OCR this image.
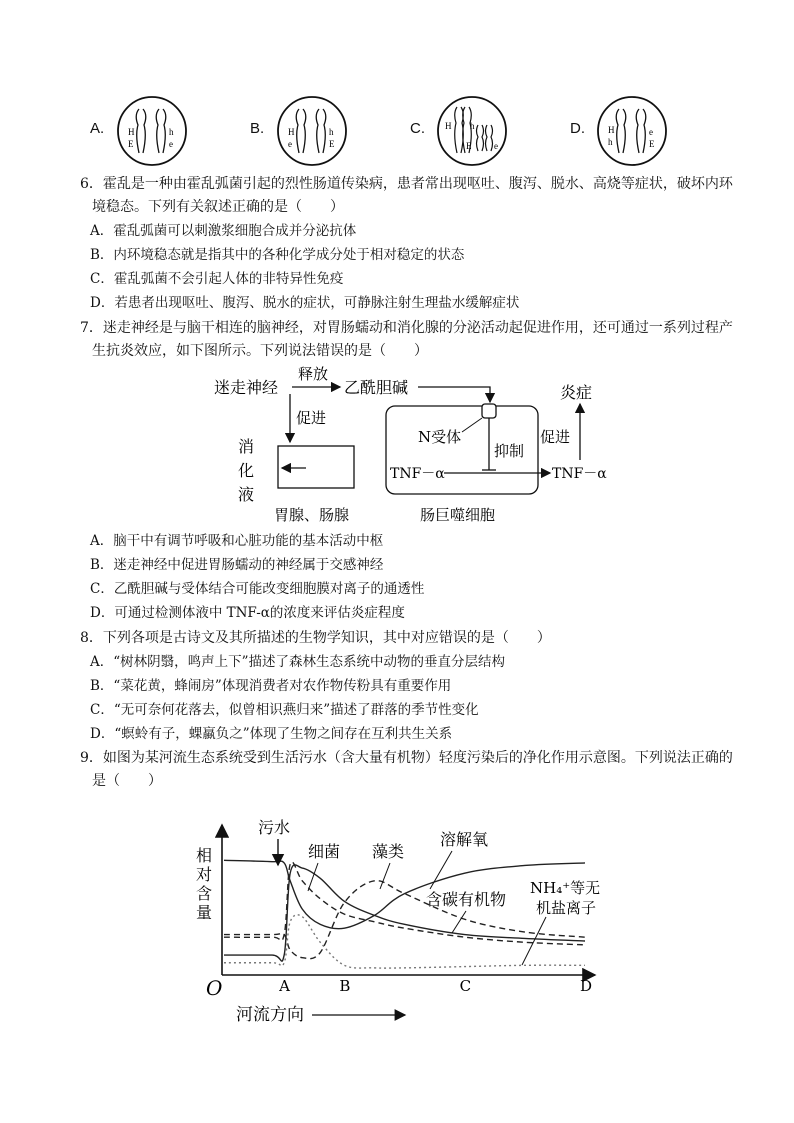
A.	H
E
h
e
B.	H
e
h
E
C. H h
E	e
D.	H
h
e
E
6．霍乱是一种由霍乱弧菌引起的烈性肠道传染病，患者常出现呕吐、腹泻、脱水、高烧等症状，破坏内环
境稳态。下列有关叙述正确的是（　　）
A．霍乱弧菌可以刺激浆细胞合成并分泌抗体
B．内环境稳态就是指其中的各种化学成分处于相对稳定的状态
C．霍乱弧菌不会引起人体的非特异性免疫
D．若患者出现呕吐、腹泻、脱水的症状，可静脉注射生理盐水缓解症状
7．迷走神经是与脑干相连的脑神经，对胃肠蠕动和消化腺的分泌活动起促进作用，还可通过一系列过程产
生抗炎效应，如下图所示。下列说法错误的是（　　）
迷走神经
释放
乙酰胆碱
促进
消
化
液
胃腺、肠腺
N受体
抑制
TNF－α	TNF－α
促进
炎症
肠巨噬细胞
A．脑干中有调节呼吸和心脏功能的基本活动中枢
B．迷走神经中促进胃肠蠕动的神经属于交感神经
C．乙酰胆碱与受体结合可能改变细胞膜对离子的通透性
D．可通过检测体液中 TNF-α的浓度来评估炎症程度
8．下列各项是古诗文及其所描述的生物学知识，其中对应错误的是（　　）
A．“树林阴翳，鸣声上下”描述了森林生态系统中动物的垂直分层结构
B．“菜花黄，蜂闹房”体现消费者对农作物传粉具有重要作用
C．“无可奈何花落去，似曾相识燕归来”描述了群落的季节性变化
D．“螟蛉有子，蜾蠃负之”体现了生物之间存在互利共生关系
9．如图为某河流生态系统受到生活污水（含大量有机物）轻度污染后的净化作用示意图。下列说法正确的
是（　　）
相对含量
O
河流方向
A	B	C	D
污水
细菌 藻类
溶解氧
含碳有机物
NH₄⁺等无
机盐离子
